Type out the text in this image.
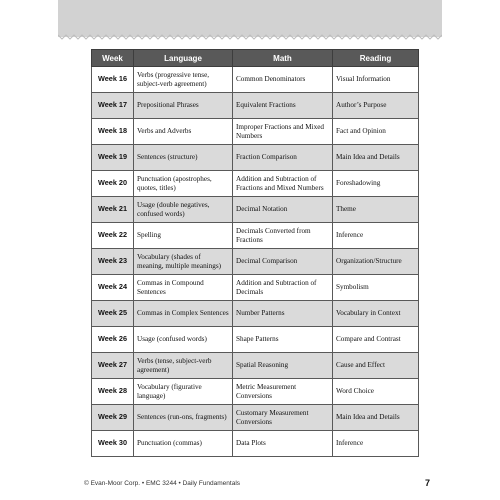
Week	Language	Math	Reading
Week 16	Verbs (progressive tense, subject-verb agreement)	Common Denominators	Visual Information
Week 17	Prepositional Phrases	Equivalent Fractions	Author’s Purpose
Week 18	Verbs and Adverbs	Improper Fractions and Mixed Numbers	Fact and Opinion
Week 19	Sentences (structure)	Fraction Comparison	Main Idea and Details
Week 20	Punctuation (apostrophes, quotes, titles)	Addition and Subtraction of Fractions and Mixed Numbers	Foreshadowing
Week 21	Usage (double negatives, confused words)	Decimal Notation	Theme
Week 22	Spelling	Decimals Converted from Fractions	Inference
Week 23	Vocabulary (shades of meaning, multiple meanings)	Decimal Comparison	Organization/Structure
Week 24	Commas in Compound Sentences	Addition and Subtraction of Decimals	Symbolism
Week 25	Commas in Complex Sentences	Number Patterns	Vocabulary in Context
Week 26	Usage (confused words)	Shape Patterns	Compare and Contrast
Week 27	Verbs (tense, subject-verb agreement)	Spatial Reasoning	Cause and Effect
Week 28	Vocabulary (figurative language)	Metric Measurement Conversions	Word Choice
Week 29	Sentences (run-ons, fragments)	Customary Measurement Conversions	Main Idea and Details
Week 30	Punctuation (commas)	Data Plots	Inference
© Evan-Moor Corp. • EMC 3244 • Daily Fundamentals	7
